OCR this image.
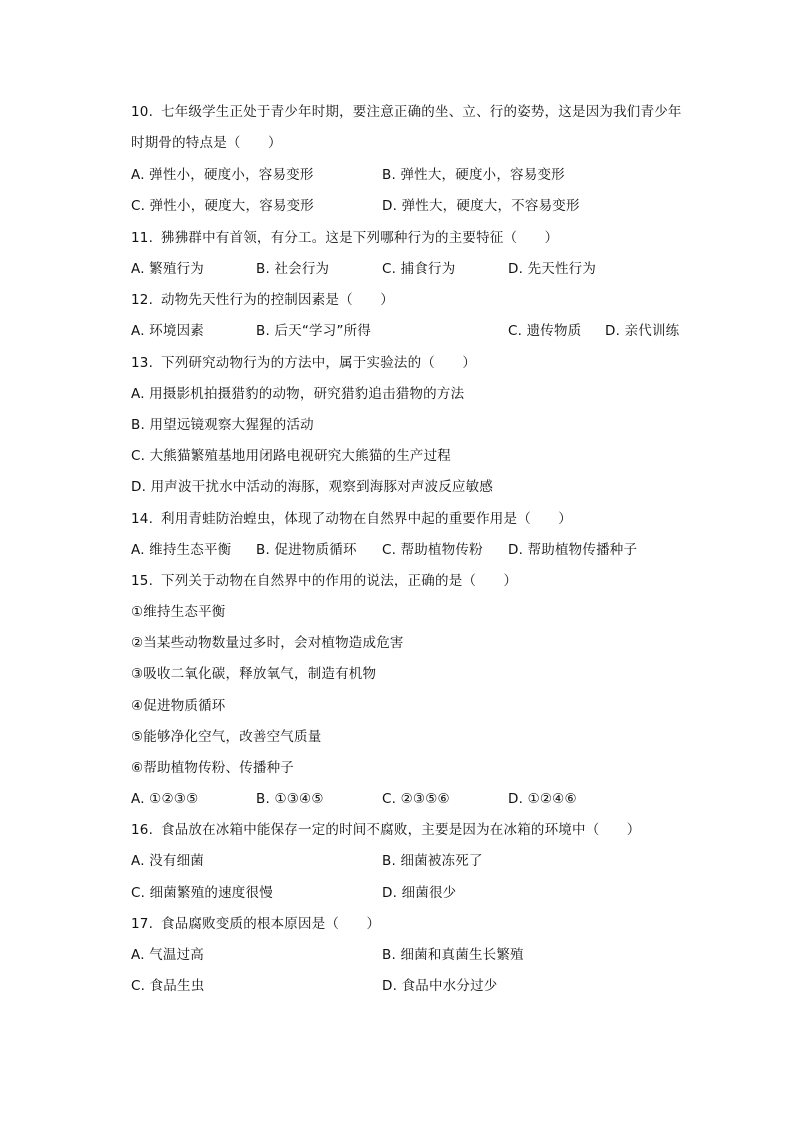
10. 七年级学生正处于青少年时期，要注意正确的坐、立、行的姿势，这是因为我们青少年
时期骨的特点是（　　）
A. 弹性小，硬度小，容易变形	B. 弹性大，硬度小，容易变形
C. 弹性小，硬度大，容易变形	D. 弹性大，硬度大，不容易变形
11. 狒狒群中有首领，有分工。这是下列哪种行为的主要特征（　　）
A. 繁殖行为	B. 社会行为	C. 捕食行为	D. 先天性行为
12. 动物先天性行为的控制因素是（　　）
A. 环境因素	B. 后天“学习”所得	C. 遗传物质 D. 亲代训练
13. 下列研究动物行为的方法中，属于实验法的（　　）
A. 用摄影机拍摄猎豹的动物，研究猎豹追击猎物的方法
B. 用望远镜观察大猩猩的活动
C. 大熊猫繁殖基地用闭路电视研究大熊猫的生产过程
D. 用声波干扰水中活动的海豚，观察到海豚对声波反应敏感
14. 利用青蛙防治蝗虫，体现了动物在自然界中起的重要作用是（　　）
A. 维持生态平衡 B. 促进物质循环 C. 帮助植物传粉 D. 帮助植物传播种子
15. 下列关于动物在自然界中的作用的说法，正确的是（　　）
①维持生态平衡
②当某些动物数量过多时，会对植物造成危害
③吸收二氧化碳，释放氧气，制造有机物
④促进物质循环
⑤能够净化空气，改善空气质量
⑥帮助植物传粉、传播种子
A. ①②③⑤	B. ①③④⑤	C. ②③⑤⑥	D. ①②④⑥
16. 食品放在冰箱中能保存一定的时间不腐败，主要是因为在冰箱的环境中（　　）
A. 没有细菌	B. 细菌被冻死了
C. 细菌繁殖的速度很慢	D. 细菌很少
17. 食品腐败变质的根本原因是（　　）
A. 气温过高	B. 细菌和真菌生长繁殖
C. 食品生虫	D. 食品中水分过少
